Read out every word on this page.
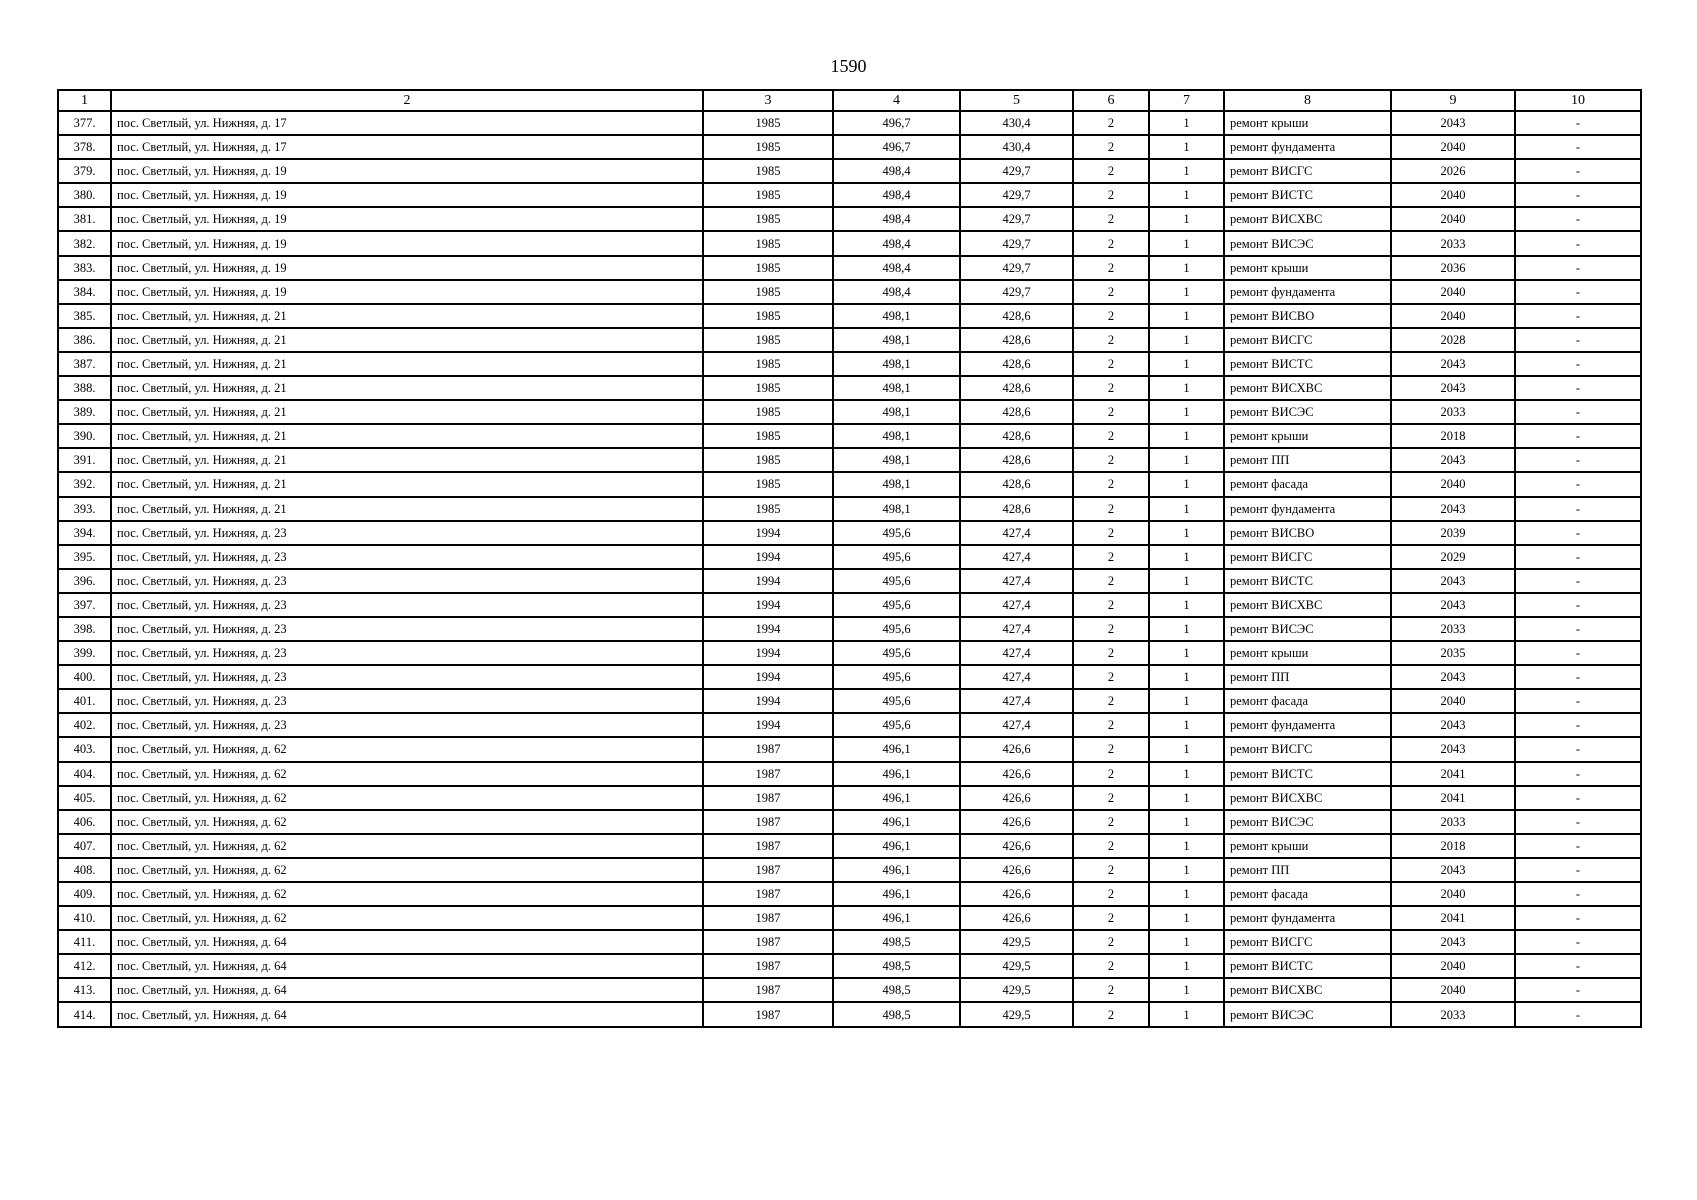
1590
1	2	3	4	5	6	7	8	9	10
377.	пос. Светлый, ул. Нижняя, д. 17	1985	496,7	430,4	2	1	ремонт крыши	2043	-
378.	пос. Светлый, ул. Нижняя, д. 17	1985	496,7	430,4	2	1	ремонт фундамента	2040	-
379.	пос. Светлый, ул. Нижняя, д. 19	1985	498,4	429,7	2	1	ремонт ВИСГС	2026	-
380.	пос. Светлый, ул. Нижняя, д. 19	1985	498,4	429,7	2	1	ремонт ВИСТС	2040	-
381.	пос. Светлый, ул. Нижняя, д. 19	1985	498,4	429,7	2	1	ремонт ВИСХВС	2040	-
382.	пос. Светлый, ул. Нижняя, д. 19	1985	498,4	429,7	2	1	ремонт ВИСЭС	2033	-
383.	пос. Светлый, ул. Нижняя, д. 19	1985	498,4	429,7	2	1	ремонт крыши	2036	-
384.	пос. Светлый, ул. Нижняя, д. 19	1985	498,4	429,7	2	1	ремонт фундамента	2040	-
385.	пос. Светлый, ул. Нижняя, д. 21	1985	498,1	428,6	2	1	ремонт ВИСВО	2040	-
386.	пос. Светлый, ул. Нижняя, д. 21	1985	498,1	428,6	2	1	ремонт ВИСГС	2028	-
387.	пос. Светлый, ул. Нижняя, д. 21	1985	498,1	428,6	2	1	ремонт ВИСТС	2043	-
388.	пос. Светлый, ул. Нижняя, д. 21	1985	498,1	428,6	2	1	ремонт ВИСХВС	2043	-
389.	пос. Светлый, ул. Нижняя, д. 21	1985	498,1	428,6	2	1	ремонт ВИСЭС	2033	-
390.	пос. Светлый, ул. Нижняя, д. 21	1985	498,1	428,6	2	1	ремонт крыши	2018	-
391.	пос. Светлый, ул. Нижняя, д. 21	1985	498,1	428,6	2	1	ремонт ПП	2043	-
392.	пос. Светлый, ул. Нижняя, д. 21	1985	498,1	428,6	2	1	ремонт фасада	2040	-
393.	пос. Светлый, ул. Нижняя, д. 21	1985	498,1	428,6	2	1	ремонт фундамента	2043	-
394.	пос. Светлый, ул. Нижняя, д. 23	1994	495,6	427,4	2	1	ремонт ВИСВО	2039	-
395.	пос. Светлый, ул. Нижняя, д. 23	1994	495,6	427,4	2	1	ремонт ВИСГС	2029	-
396.	пос. Светлый, ул. Нижняя, д. 23	1994	495,6	427,4	2	1	ремонт ВИСТС	2043	-
397.	пос. Светлый, ул. Нижняя, д. 23	1994	495,6	427,4	2	1	ремонт ВИСХВС	2043	-
398.	пос. Светлый, ул. Нижняя, д. 23	1994	495,6	427,4	2	1	ремонт ВИСЭС	2033	-
399.	пос. Светлый, ул. Нижняя, д. 23	1994	495,6	427,4	2	1	ремонт крыши	2035	-
400.	пос. Светлый, ул. Нижняя, д. 23	1994	495,6	427,4	2	1	ремонт ПП	2043	-
401.	пос. Светлый, ул. Нижняя, д. 23	1994	495,6	427,4	2	1	ремонт фасада	2040	-
402.	пос. Светлый, ул. Нижняя, д. 23	1994	495,6	427,4	2	1	ремонт фундамента	2043	-
403.	пос. Светлый, ул. Нижняя, д. 62	1987	496,1	426,6	2	1	ремонт ВИСГС	2043	-
404.	пос. Светлый, ул. Нижняя, д. 62	1987	496,1	426,6	2	1	ремонт ВИСТС	2041	-
405.	пос. Светлый, ул. Нижняя, д. 62	1987	496,1	426,6	2	1	ремонт ВИСХВС	2041	-
406.	пос. Светлый, ул. Нижняя, д. 62	1987	496,1	426,6	2	1	ремонт ВИСЭС	2033	-
407.	пос. Светлый, ул. Нижняя, д. 62	1987	496,1	426,6	2	1	ремонт крыши	2018	-
408.	пос. Светлый, ул. Нижняя, д. 62	1987	496,1	426,6	2	1	ремонт ПП	2043	-
409.	пос. Светлый, ул. Нижняя, д. 62	1987	496,1	426,6	2	1	ремонт фасада	2040	-
410.	пос. Светлый, ул. Нижняя, д. 62	1987	496,1	426,6	2	1	ремонт фундамента	2041	-
411.	пос. Светлый, ул. Нижняя, д. 64	1987	498,5	429,5	2	1	ремонт ВИСГС	2043	-
412.	пос. Светлый, ул. Нижняя, д. 64	1987	498,5	429,5	2	1	ремонт ВИСТС	2040	-
413.	пос. Светлый, ул. Нижняя, д. 64	1987	498,5	429,5	2	1	ремонт ВИСХВС	2040	-
414.	пос. Светлый, ул. Нижняя, д. 64	1987	498,5	429,5	2	1	ремонт ВИСЭС	2033	-
